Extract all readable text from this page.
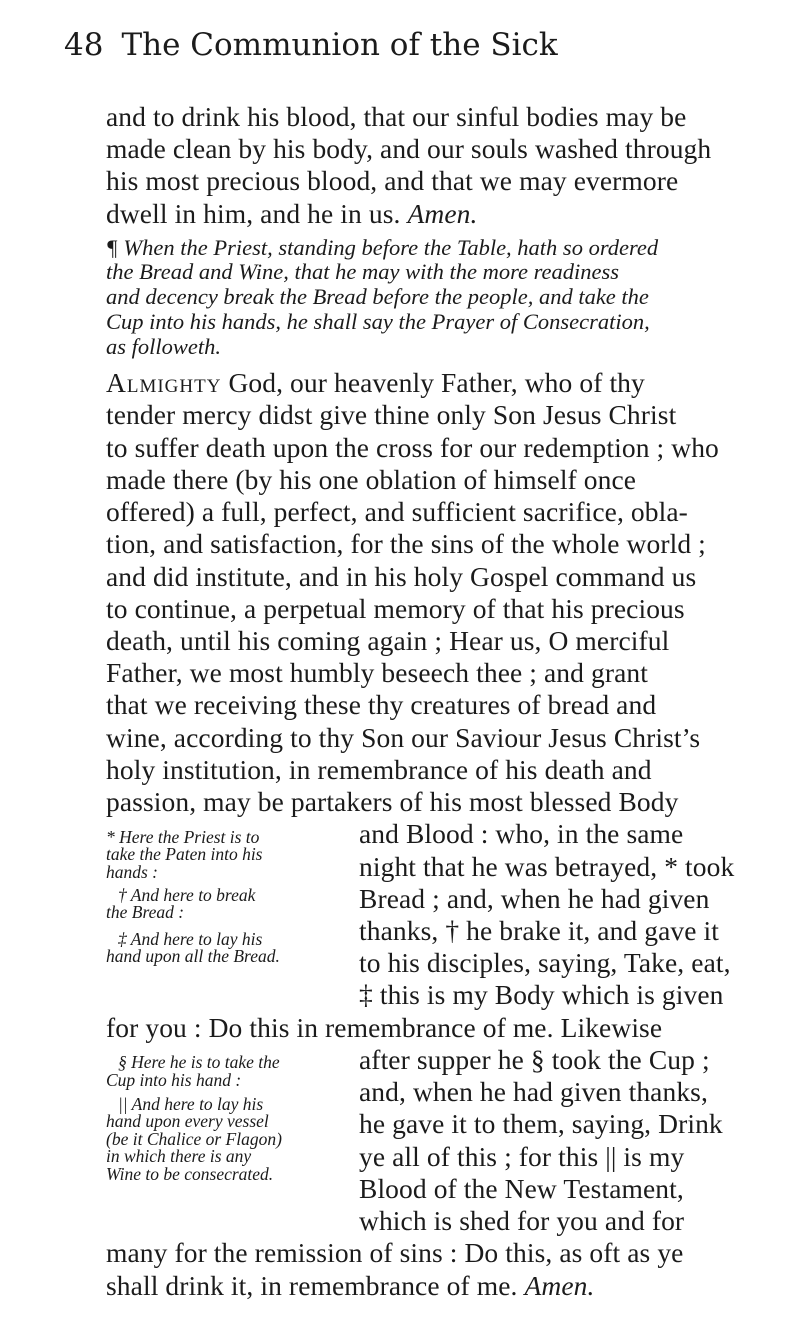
48 The Communion of the Sick
and to drink his blood, that our sinful bodies may be
made clean by his body, and our souls washed through
his most precious blood, and that we may evermore
dwell in him, and he in us. Amen.
¶ When the Priest, standing before the Table, hath so ordered
the Bread and Wine, that he may with the more readiness
and decency break the Bread before the people, and take the
Cup into his hands, he shall say the Prayer of Consecration,
as followeth.
Almighty God, our heavenly Father, who of thy
tender mercy didst give thine only Son Jesus Christ
to suffer death upon the cross for our redemption ; who
made there (by his one oblation of himself once
offered) a full, perfect, and sufficient sacrifice, obla-
tion, and satisfaction, for the sins of the whole world ;
and did institute, and in his holy Gospel command us
to continue, a perpetual memory of that his precious
death, until his coming again ; Hear us, O merciful
Father, we most humbly beseech thee ; and grant
that we receiving these thy creatures of bread and
wine, according to thy Son our Saviour Jesus Christ’s
holy institution, in remembrance of his death and
passion, may be partakers of his most blessed Body
* Here the Priest is to
take the Paten into his
hands :
† And here to break
the Bread :
‡ And here to lay his
hand upon all the Bread.
and Blood : who, in the same
night that he was betrayed, * took
Bread ; and, when he had given
thanks, † he brake it, and gave it
to his disciples, saying, Take, eat,
‡ this is my Body which is given
for you : Do this in remembrance of me. Likewise
§ Here he is to take the
Cup into his hand :
|| And here to lay his
hand upon every vessel
(be it Chalice or Flagon)
in which there is any
Wine to be consecrated.
after supper he § took the Cup ;
and, when he had given thanks,
he gave it to them, saying, Drink
ye all of this ; for this || is my
Blood of the New Testament,
which is shed for you and for
many for the remission of sins : Do this, as oft as ye
shall drink it, in remembrance of me. Amen.
